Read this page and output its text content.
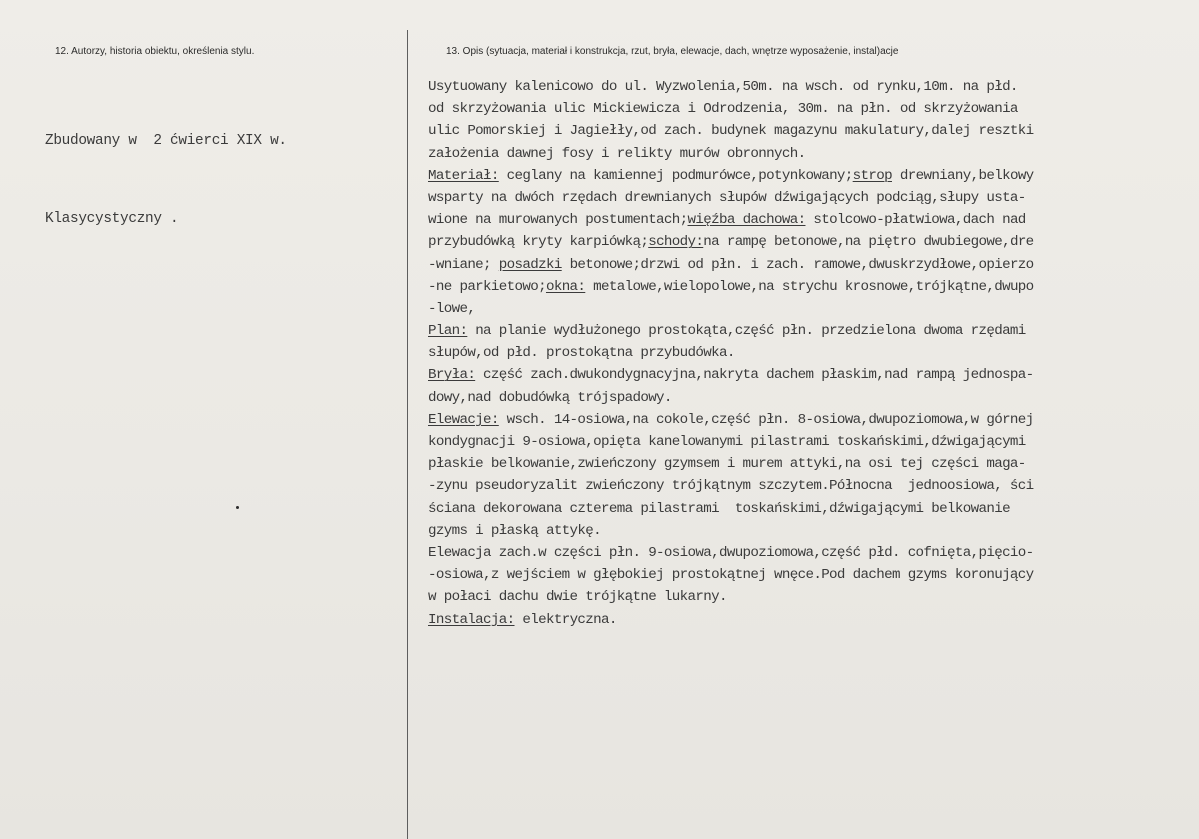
12. Autorzy, historia obiektu, określenia stylu.

Zbudowany w  2 ćwierci XIX w.

Klasycystyczny .

13. Opis (sytuacja, materiał i konstrukcja, rzut, bryła, elewacje, dach, wnętrze wyposażenie, instal)acje
Usytuowany kalenicowo do ul. Wyzwolenia,50m. na wsch. od rynku,10m. na płd.
od skrzyżowania ulic Mickiewicza i Odrodzenia, 30m. na płn. od skrzyżowania
ulic Pomorskiej i Jagiełły,od zach. budynek magazynu makulatury,dalej resztki
założenia dawnej fosy i relikty murów obronnych.
Materiał: ceglany na kamiennej podmurówce,potynkowany;strop drewniany,belkowy
wsparty na dwóch rzędach drewnianych słupów dźwigających podciąg,słupy usta-
wione na murowanych postumentach;więźba dachowa: stolcowo-płatwiowa,dach nad
przybudówką kryty karpiówką;schody:na rampę betonowe,na piętro dwubiegowe,dre
-wniane; posadzki betonowe;drzwi od płn. i zach. ramowe,dwuskrzydłowe,opierzo
-ne parkietowo;okna: metalowe,wielopolowe,na strychu krosnowe,trójkątne,dwupo
-lowe,
Plan: na planie wydłużonego prostokąta,część płn. przedzielona dwoma rzędami
słupów,od płd. prostokątna przybudówka.
Bryła: część zach.dwukondygnacyjna,nakryta dachem płaskim,nad rampą jednospa-
dowy,nad dobudówką trójspadowy.
Elewacje: wsch. 14-osiowa,na cokole,część płn. 8-osiowa,dwupoziomowa,w górnej
kondygnacji 9-osiowa,opięta kanelowanymi pilastrami toskańskimi,dźwigającymi
płaskie belkowanie,zwieńczony gzymsem i murem attyki,na osi tej części maga-
-zynu pseudoryzalit zwieńczony trójkątnym szczytem.Północna  jednoosiowa, ści
ściana dekorowana czterema pilastrami  toskańskimi,dźwigającymi belkowanie
gzyms i płaską attykę.
Elewacja zach.w części płn. 9-osiowa,dwupoziomowa,część płd. cofnięta,pięcio-
-osiowa,z wejściem w głębokiej prostokątnej wnęce.Pod dachem gzyms koronujący
w połaci dachu dwie trójkątne lukarny.
Instalacja: elektryczna.
